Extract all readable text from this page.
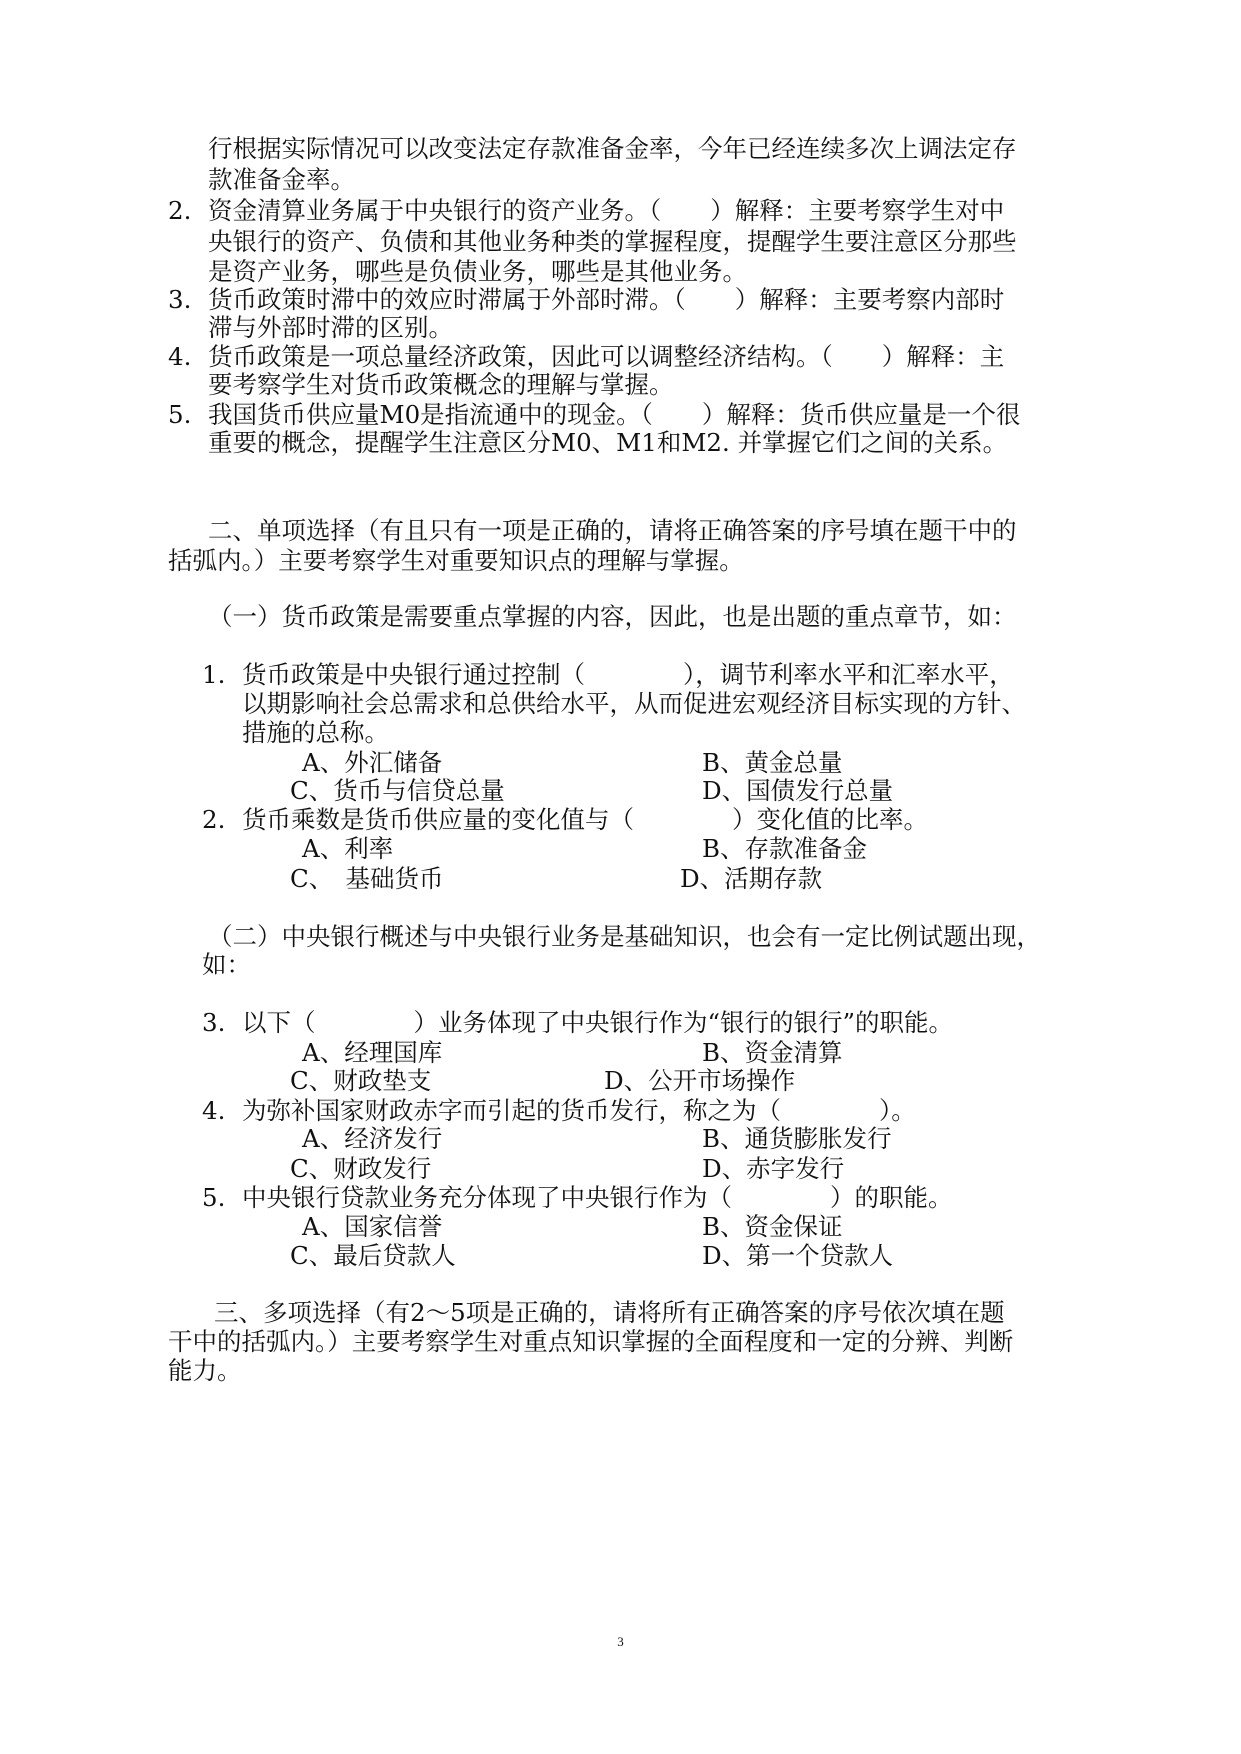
行根据实际情况可以改变法定存款准备金率，今年已经连续多次上调法定存
款准备金率。
2. 资金清算业务属于中央银行的资产业务。（　　）解释：主要考察学生对中
央银行的资产、负债和其他业务种类的掌握程度，提醒学生要注意区分那些
是资产业务，哪些是负债业务，哪些是其他业务。
3. 货币政策时滞中的效应时滞属于外部时滞。（　　）解释：主要考察内部时
滞与外部时滞的区别。
4. 货币政策是一项总量经济政策，因此可以调整经济结构。（　　）解释：主
要考察学生对货币政策概念的理解与掌握。
5. 我国货币供应量M0是指流通中的现金。（　　）解释：货币供应量是一个很
重要的概念，提醒学生注意区分M0、M1和M2. 并掌握它们之间的关系。
二、单项选择（有且只有一项是正确的，请将正确答案的序号填在题干中的
括弧内。）主要考察学生对重要知识点的理解与掌握。
（一）货币政策是需要重点掌握的内容，因此，也是出题的重点章节，如：
1. 货币政策是中央银行通过控制（　　　　），调节利率水平和汇率水平，
以期影响社会总需求和总供给水平，从而促进宏观经济目标实现的方针、
措施的总称。
A、外汇储备	B、黄金总量
C、货币与信贷总量	D、国债发行总量
2. 货币乘数是货币供应量的变化值与（　　　　）变化值的比率。
A、利率	B、存款准备金
C、　基础货币	D、活期存款
（二）中央银行概述与中央银行业务是基础知识，也会有一定比例试题出现，
如：
3. 以下（　　　　）业务体现了中央银行作为“银行的银行”的职能。
A、经理国库	B、资金清算
C、财政垫支	D、公开市场操作
4. 为弥补国家财政赤字而引起的货币发行，称之为（　　　　）。
A、经济发行	B、通货膨胀发行
C、财政发行	D、赤字发行
5. 中央银行贷款业务充分体现了中央银行作为（　　　　）的职能。
A、国家信誉	B、资金保证
C、最后贷款人	D、第一个贷款人
三、多项选择（有2～5项是正确的，请将所有正确答案的序号依次填在题
干中的括弧内。）主要考察学生对重点知识掌握的全面程度和一定的分辨、判断
能力。
3
